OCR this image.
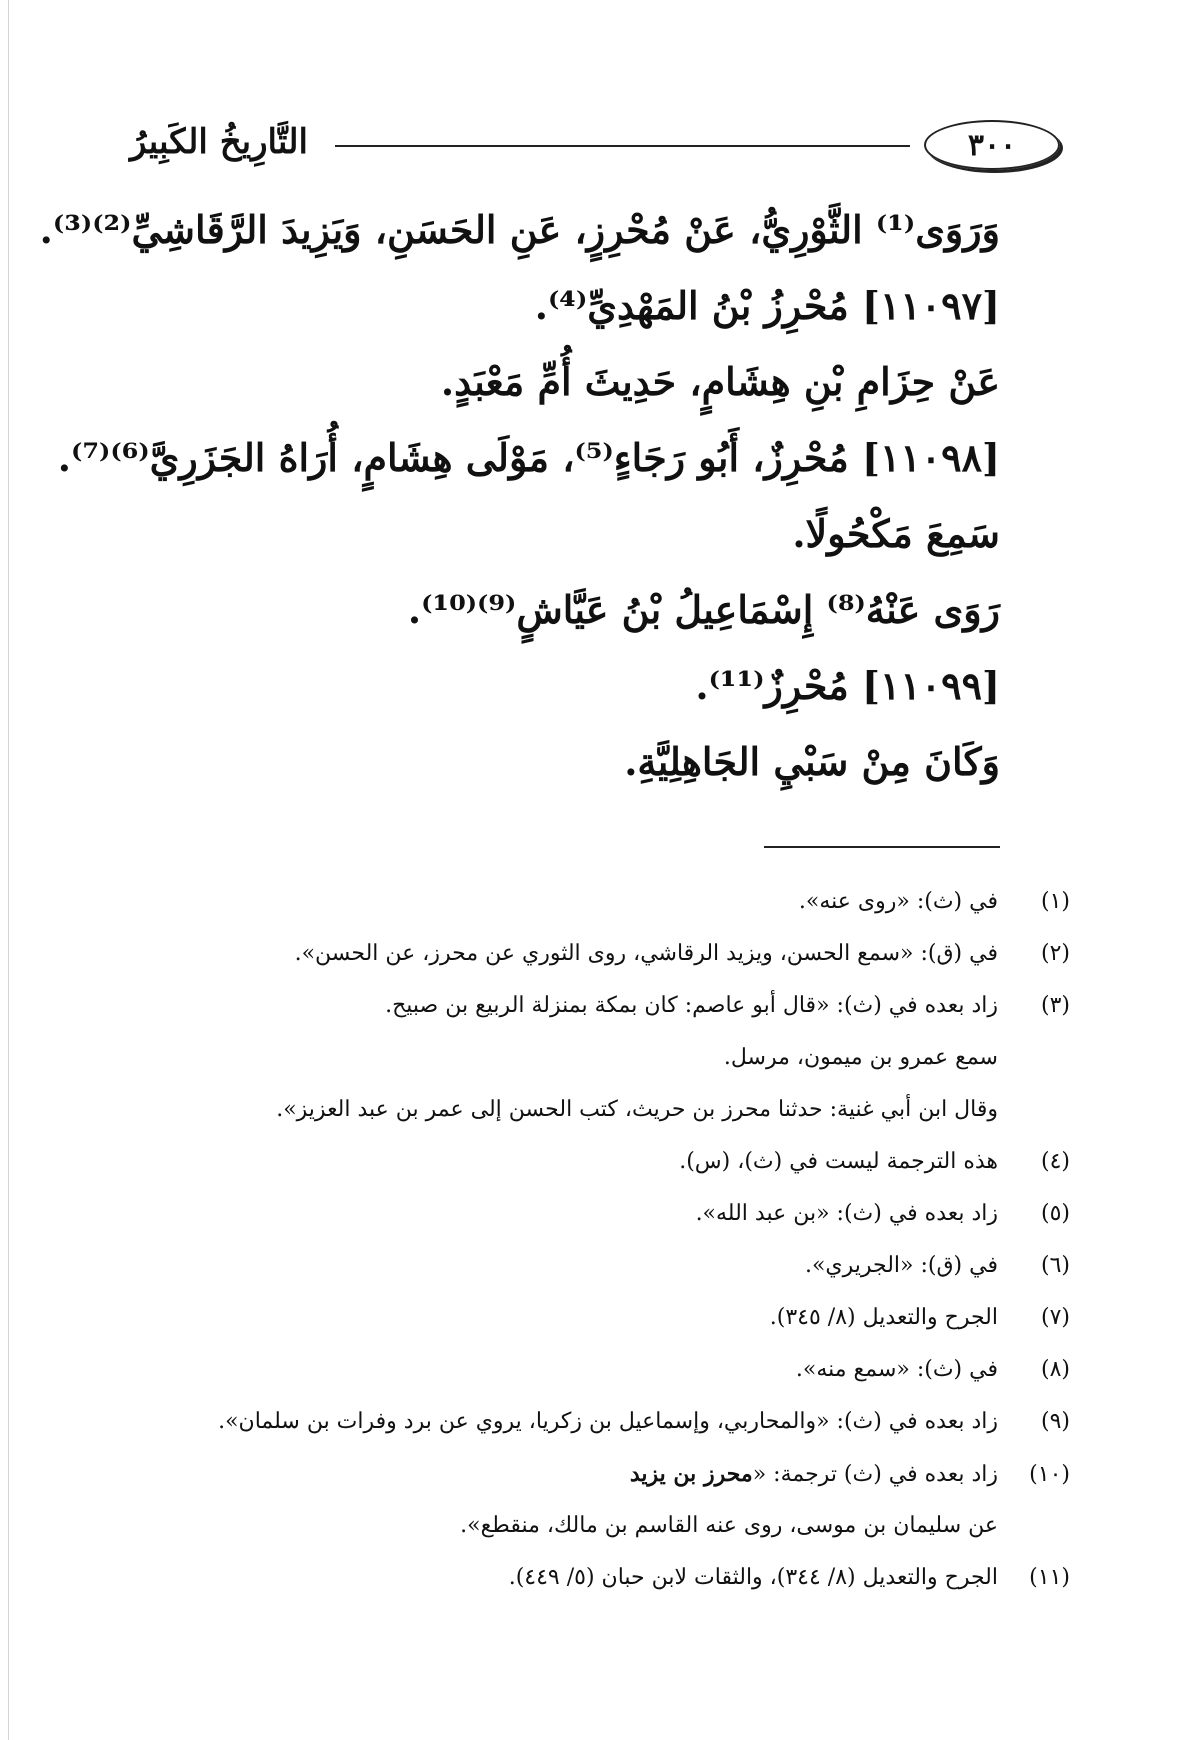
التَّارِيخُ الكَبِيرُ	٣٠٠
وَرَوَى⁽¹⁾ الثَّوْرِيُّ، عَنْ مُحْرِزٍ، عَنِ الحَسَنِ، وَيَزِيدَ الرَّقَاشِيِّ⁽²⁾⁽³⁾.
[١١٠٩٧] مُحْرِزُ بْنُ المَهْدِيِّ⁽⁴⁾.
عَنْ حِزَامِ بْنِ هِشَامٍ، حَدِيثَ أُمِّ مَعْبَدٍ.
[١١٠٩٨] مُحْرِزٌ، أَبُو رَجَاءٍ⁽⁵⁾، مَوْلَى هِشَامٍ، أُرَاهُ الجَزَرِيَّ⁽⁶⁾⁽⁷⁾.
سَمِعَ مَكْحُولًا.
رَوَى عَنْهُ⁽⁸⁾ إِسْمَاعِيلُ بْنُ عَيَّاشٍ⁽⁹⁾⁽¹⁰⁾.
[١١٠٩٩] مُحْرِزٌ⁽¹¹⁾.
وَكَانَ مِنْ سَبْيِ الجَاهِلِيَّةِ.
(١)في (ث): «روى عنه».
(٢)في (ق): «سمع الحسن، ويزيد الرقاشي، روى الثوري عن محرز، عن الحسن».
(٣)زاد بعده في (ث): «قال أبو عاصم: كان بمكة بمنزلة الربيع بن صبيح.
سمع عمرو بن ميمون، مرسل.
وقال ابن أبي غنية: حدثنا محرز بن حريث، كتب الحسن إلى عمر بن عبد العزيز».
(٤)هذه الترجمة ليست في (ث)، (س).
(٥)زاد بعده في (ث): «بن عبد الله».
(٦)في (ق): «الجريري».
(٧)الجرح والتعديل (٨/ ٣٤٥).
(٨)في (ث): «سمع منه».
(٩)زاد بعده في (ث): «والمحاربي، وإسماعيل بن زكريا، يروي عن برد وفرات بن سلمان».
(١٠)زاد بعده في (ث) ترجمة: «محرز بن يزيد
عن سليمان بن موسى، روى عنه القاسم بن مالك، منقطع».
(١١)الجرح والتعديل (٨/ ٣٤٤)، والثقات لابن حبان (٥/ ٤٤٩).
